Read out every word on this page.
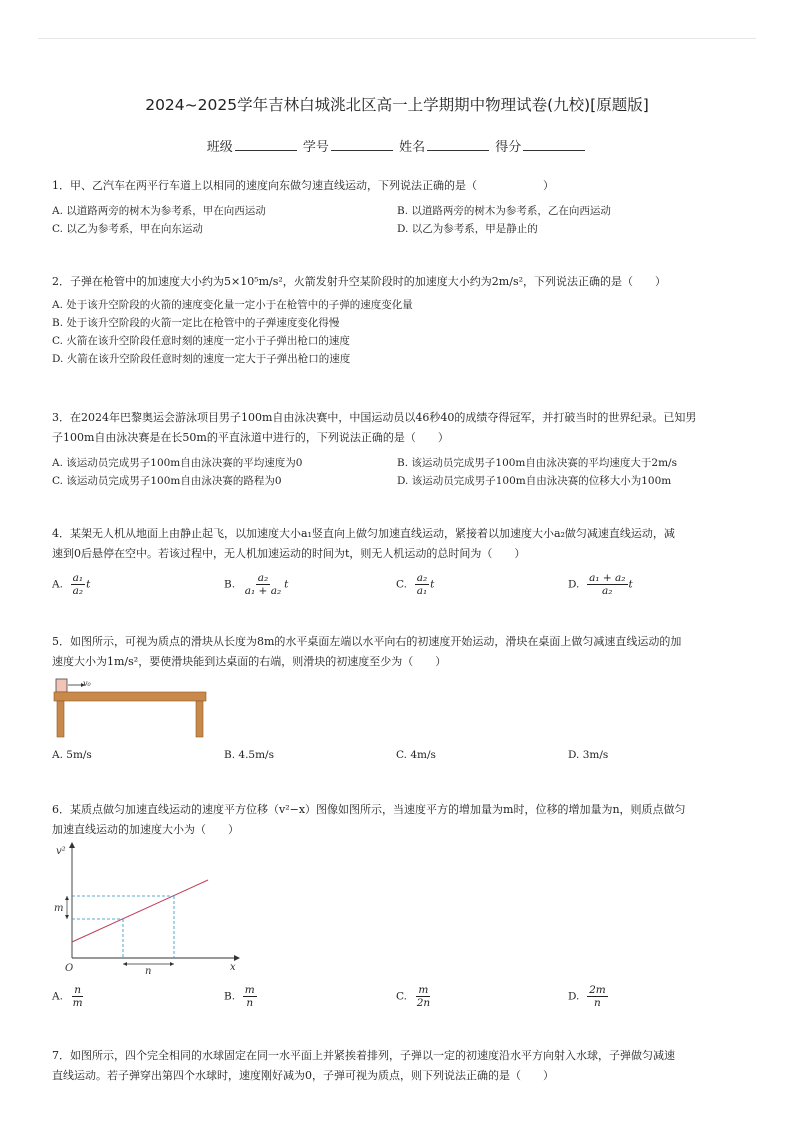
2024~2025学年吉林白城洮北区高一上学期期中物理试卷(九校)[原题版]
班级	学号	姓名	得分
1．甲、乙汽车在两平行车道上以相同的速度向东做匀速直线运动，下列说法正确的是（　　　　　　）
A. 以道路两旁的树木为参考系，甲在向西运动	B. 以道路两旁的树木为参考系，乙在向西运动
C. 以乙为参考系，甲在向东运动	D. 以乙为参考系，甲是静止的
2．子弹在枪管中的加速度大小约为5×10⁵m/s²，火箭发射升空某阶段时的加速度大小约为2m/s²，下列说法正确的是（　　）
A. 处于该升空阶段的火箭的速度变化量一定小于在枪管中的子弹的速度变化量
B. 处于该升空阶段的火箭一定比在枪管中的子弹速度变化得慢
C. 火箭在该升空阶段任意时刻的速度一定小于子弹出枪口的速度
D. 火箭在该升空阶段任意时刻的速度一定大于子弹出枪口的速度
3．在2024年巴黎奥运会游泳项目男子100m自由泳决赛中，中国运动员以46秒40的成绩夺得冠军，并打破当时的世界纪录。已知男
子100m自由泳决赛是在长50m的平直泳道中进行的，下列说法正确的是（　　）
A. 该运动员完成男子100m自由泳决赛的平均速度为0	B. 该运动员完成男子100m自由泳决赛的平均速度大于2m/s
C. 该运动员完成男子100m自由泳决赛的路程为0	D. 该运动员完成男子100m自由泳决赛的位移大小为100m
4．某架无人机从地面上由静止起飞，以加速度大小a₁竖直向上做匀加速直线运动，紧接着以加速度大小a₂做匀减速直线运动，减
速到0后悬停在空中。若该过程中，无人机加速运动的时间为t，则无人机运动的总时间为（　　）
A. $\frac{\text{a₁}}{\text{a₂}}$ t	B. $\frac{\text{a₂}}{\text{a₁ + a₂}}$ t	C. $\frac{\text{a₂}}{\text{a₁}}$ t	D. $\frac{\text{a₁ + a₂}}{\text{a₂}}$ t
5．如图所示，可视为质点的滑块从长度为8m的水平桌面左端以水平向右的初速度开始运动，滑块在桌面上做匀减速直线运动的加
速度大小为1m/s²，要使滑块能到达桌面的右端，则滑块的初速度至少为（　　）
v₀
A. 5m/s	B. 4.5m/s	C. 4m/s	D. 3m/s
6．某质点做匀加速直线运动的速度平方位移（v²−x）图像如图所示，当速度平方的增加量为m时，位移的增加量为n，则质点做匀
加速直线运动的加速度大小为（　　）
v²
x
O
m
n
A. $\frac{n}{m}$	B. $\frac{m}{n}$	C. $\frac{m}{2n}$	D. $\frac{2m}{n}$
7．如图所示，四个完全相同的水球固定在同一水平面上并紧挨着排列，子弹以一定的初速度沿水平方向射入水球，子弹做匀减速
直线运动。若子弹穿出第四个水球时，速度刚好减为0，子弹可视为质点，则下列说法正确的是（　　）
